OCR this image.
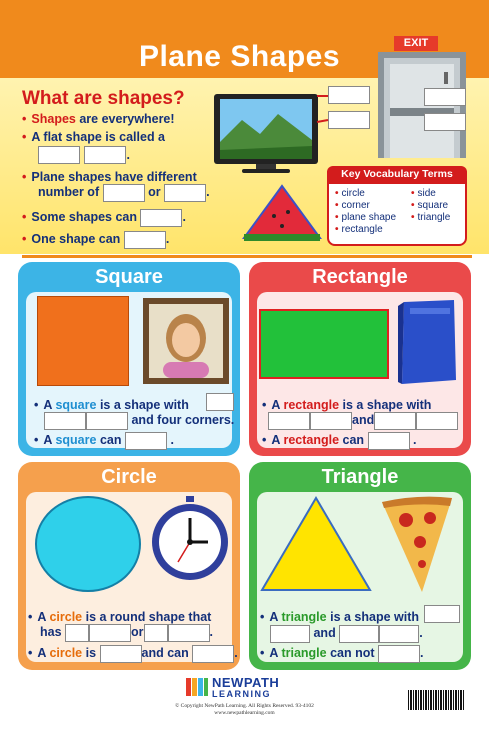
Plane Shapes
What are shapes?
• Shapes are everywhere!
• A flat shape is called a
.
• Plane shapes have different
number of	or	.
• Some shapes can	.
• One shape can	.
EXIT
Key Vocabulary Terms
• circle
• corner
• plane shape
• rectangle
• side
• square
• triangle
Square
• A square is a shape with
and four corners.
• A square can	.
Rectangle
• A rectangle is a shape with
and
• A rectangle can	.
Circle
• A circle is a round shape that
has	or	.
• A circle is	and can	.
Triangle
• A triangle is a shape with
and	.
• A triangle can not	.
NEWPATH
LEARNING
© Copyright NewPath Learning. All Rights Reserved. 93-4102
www.newpathlearning.com
